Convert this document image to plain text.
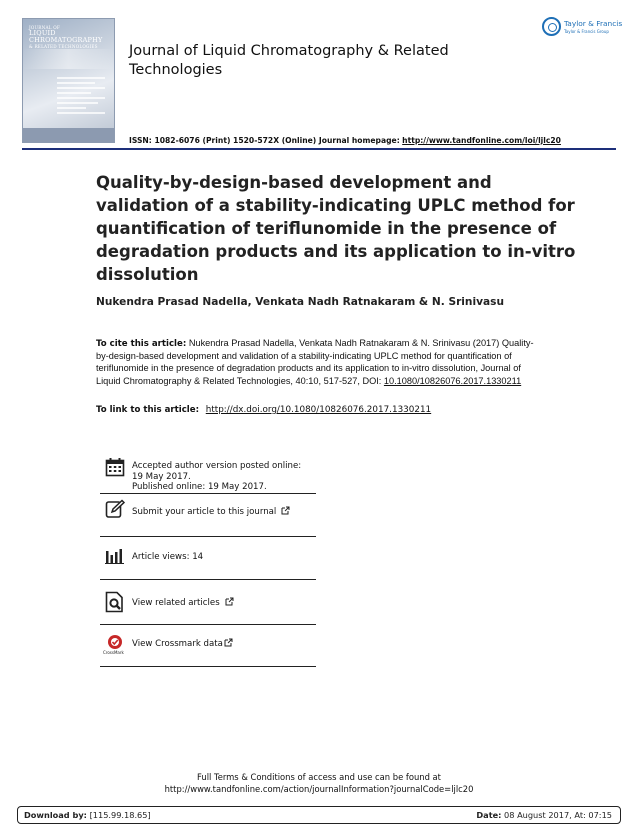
JOURNAL OF
LIQUID
CHROMATOGRAPHY
& RELATED TECHNOLOGIES	Journal of Liquid Chromatography & Related Technologies
Taylor & Francis
Taylor & Francis Group
ISSN: 1082-6076 (Print) 1520-572X (Online) Journal homepage: http://www.tandfonline.com/loi/ljlc20
Quality-by-design-based development and validation of a stability-indicating UPLC method for quantification of teriflunomide in the presence of degradation products and its application to in-vitro dissolution
Nukendra Prasad Nadella, Venkata Nadh Ratnakaram & N. Srinivasu
To cite this article: Nukendra Prasad Nadella, Venkata Nadh Ratnakaram & N. Srinivasu (2017) Quality-by-design-based development and validation of a stability-indicating UPLC method for quantification of teriflunomide in the presence of degradation products and its application to in-vitro dissolution, Journal of Liquid Chromatography & Related Technologies, 40:10, 517-527, DOI: 10.1080/10826076.2017.1330211
To link to this article: http://dx.doi.org/10.1080/10826076.2017.1330211
Accepted author version posted online: 19 May 2017.
Published online: 19 May 2017.
Submit your article to this journal
Article views: 14
View related articles
CrossMark
View Crossmark data
Full Terms & Conditions of access and use can be found at
http://www.tandfonline.com/action/journalInformation?journalCode=ljlc20
Download by: [115.99.18.65]	Date: 08 August 2017, At: 07:15
